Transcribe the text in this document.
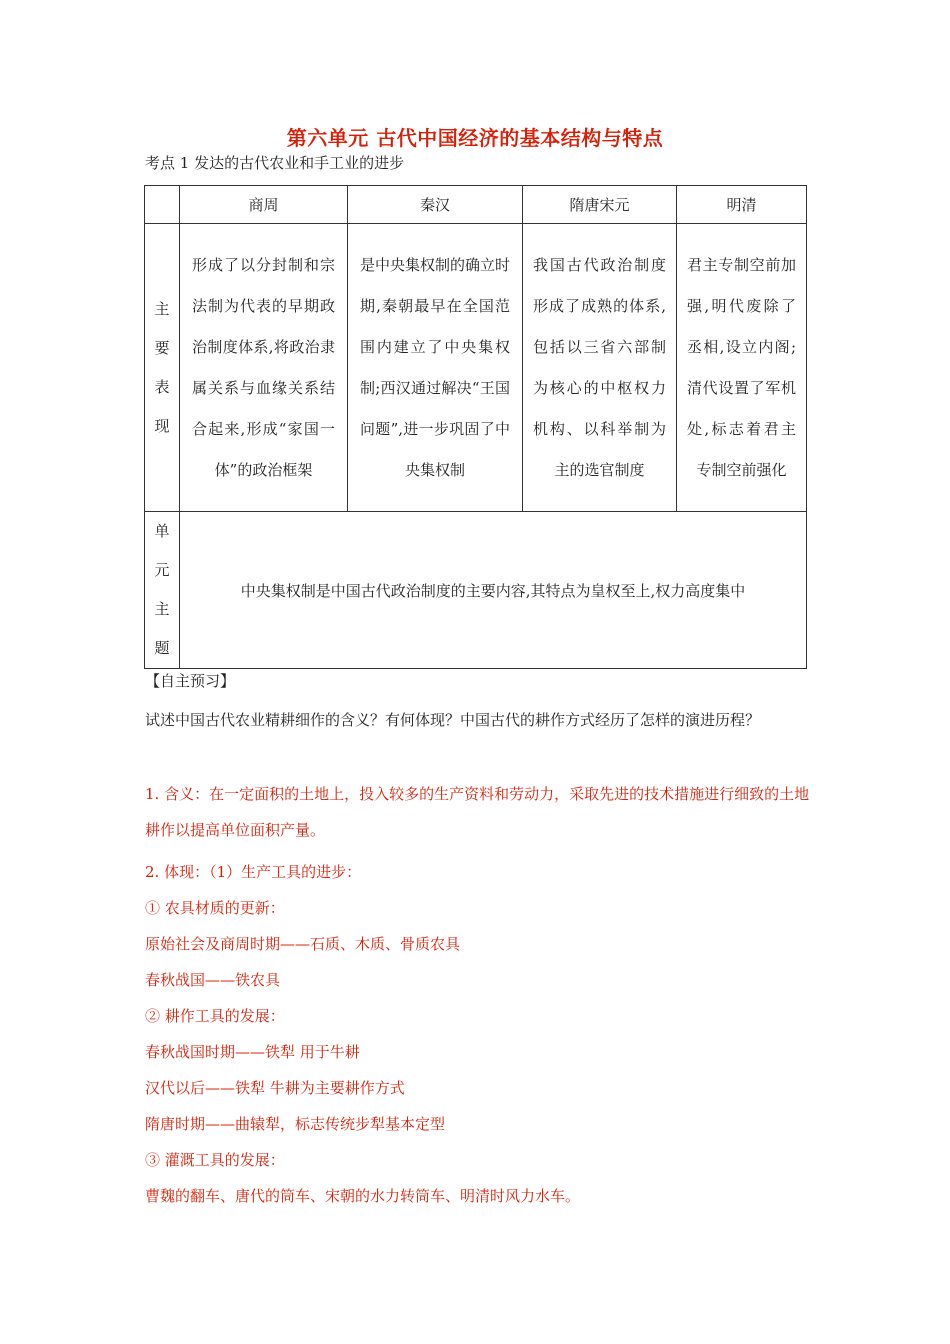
第六单元 古代中国经济的基本结构与特点
考点 1 发达的古代农业和手工业的进步
	商周	秦汉	隋唐宋元	明清

主
要
表
现	形成了以分封制和宗法制为代表的早期政治制度体系,将政治隶属关系与血缘关系结合起来,形成“家国一体”的政治框架	是中央集权制的确立时期,秦朝最早在全国范围内建立了中央集权制;西汉通过解决“王国问题”,进一步巩固了中央集权制	我国古代政治制度形成了成熟的体系,包括以三省六部制为核心的中枢权力机构、以科举制为主的选官制度	君主专制空前加强,明代废除了丞相,设立内阁;清代设置了军机处,标志着君主专制空前强化

单
元
主
题	中央集权制是中国古代政治制度的主要内容,其特点为皇权至上,权力高度集中			
【自主预习】
试述中国古代农业精耕细作的含义？有何体现？中国古代的耕作方式经历了怎样的演进历程？
1. 含义：在一定面积的土地上，投入较多的生产资料和劳动力，采取先进的技术措施进行细致的土地耕作以提高单位面积产量。
2. 体现：（1）生产工具的进步：
① 农具材质的更新：
原始社会及商周时期——石质、木质、骨质农具
春秋战国——铁农具
② 耕作工具的发展：
春秋战国时期——铁犁 用于牛耕
汉代以后——铁犁 牛耕为主要耕作方式
隋唐时期——曲辕犁，标志传统步犁基本定型
③ 灌溉工具的发展：
曹魏的翻车、唐代的筒车、宋朝的水力转筒车、明清时风力水车。
